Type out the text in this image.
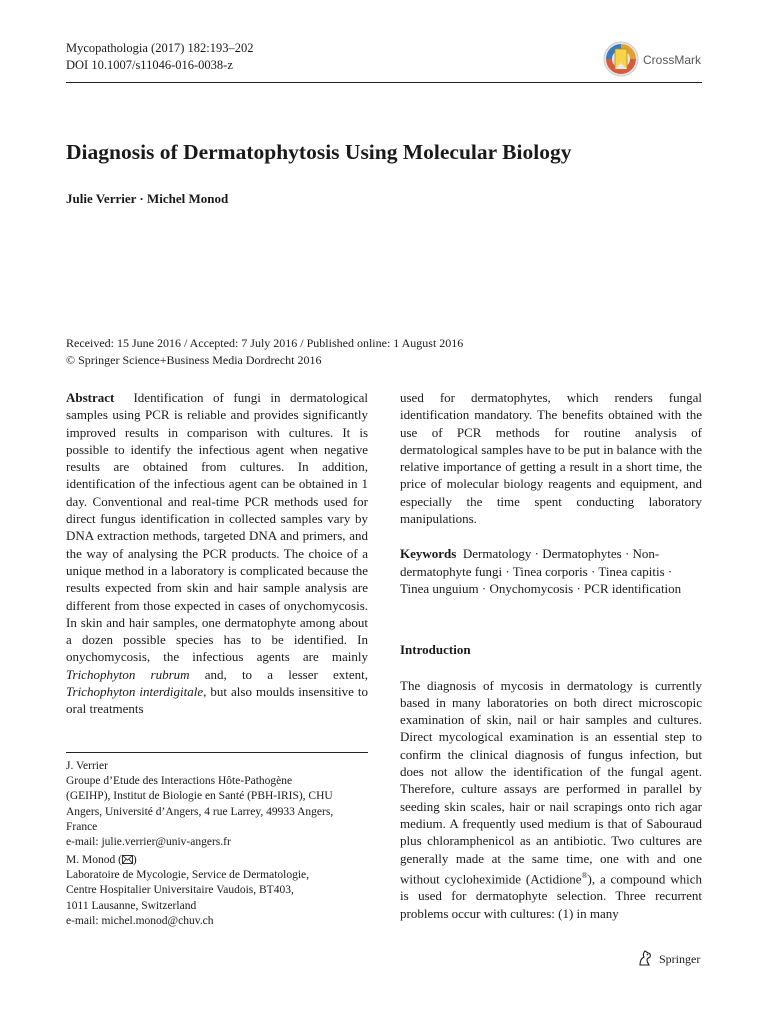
Mycopathologia (2017) 182:193–202
DOI 10.1007/s11046-016-0038-z	CrossMark
Diagnosis of Dermatophytosis Using Molecular Biology
Julie Verrier · Michel Monod
Received: 15 June 2016 / Accepted: 7 July 2016 / Published online: 1 August 2016
© Springer Science+Business Media Dordrecht 2016

Abstract Identification of fungi in dermatological samples using PCR is reliable and provides significantly improved results in comparison with cultures. It is possible to identify the infectious agent when negative results are obtained from cultures. In addition, identification of the infectious agent can be obtained in 1 day. Conventional and real-time PCR methods used for direct fungus identification in collected samples vary by DNA extraction methods, targeted DNA and primers, and the way of analysing the PCR products. The choice of a unique method in a laboratory is complicated because the results expected from skin and hair sample analysis are different from those expected in cases of onychomycosis. In skin and hair samples, one dermatophyte among about a dozen possible species has to be identified. In onychomycosis, the infectious agents are mainly Trichophyton rubrum and, to a lesser extent, Trichophyton interdigitale, but also moulds insensitive to oral treatments

used for dermatophytes, which renders fungal identification mandatory. The benefits obtained with the use of PCR methods for routine analysis of dermatological samples have to be put in balance with the relative importance of getting a result in a short time, the price of molecular biology reagents and equipment, and especially the time spent conducting laboratory manipulations.

Keywords Dermatology · Dermatophytes · Non-dermatophyte fungi · Tinea corporis · Tinea capitis · Tinea unguium · Onychomycosis · PCR identification

Introduction

The diagnosis of mycosis in dermatology is currently based in many laboratories on both direct microscopic examination of skin, nail or hair samples and cultures. Direct mycological examination is an essential step to confirm the clinical diagnosis of fungus infection, but does not allow the identification of the fungal agent. Therefore, culture assays are performed in parallel by seeding skin scales, hair or nail scrapings onto rich agar medium. A frequently used medium is that of Sabouraud plus chloramphenicol as an antibiotic. Two cultures are generally made at the same time, one with and one without cycloheximide (Actidione®), a compound which is used for dermatophyte selection. Three recurrent problems occur with cultures: (1) in many

J. Verrier
Groupe d’Etude des Interactions Hôte-Pathogène
(GEIHP), Institut de Biologie en Santé (PBH-IRIS), CHU
Angers, Université d’Angers, 4 rue Larrey, 49933 Angers,
France
e-mail: julie.verrier@univ-angers.fr
M. Monod ( )
Laboratoire de Mycologie, Service de Dermatologie,
Centre Hospitalier Universitaire Vaudois, BT403,
1011 Lausanne, Switzerland
e-mail: michel.monod@chuv.ch
Springer
